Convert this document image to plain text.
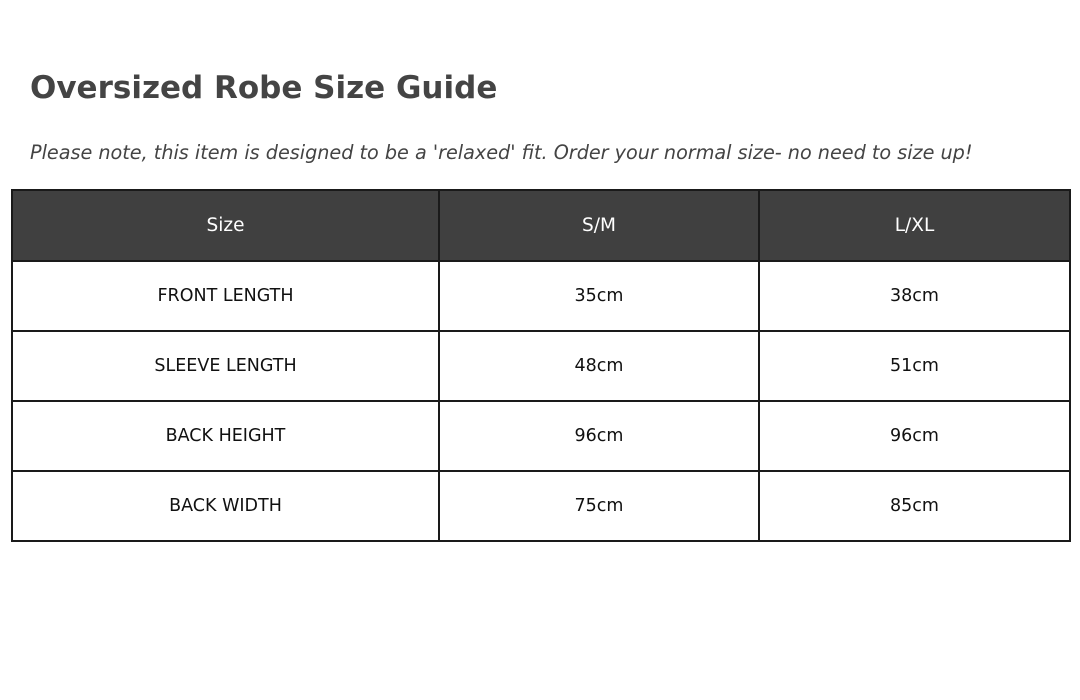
Oversized Robe Size Guide

Please note, this item is designed to be a 'relaxed' fit. Order your normal size- no need to size up!

Size	S/M	L/XL
FRONT LENGTH	35cm	38cm
SLEEVE LENGTH	48cm	51cm
BACK HEIGHT	96cm	96cm
BACK WIDTH	75cm	85cm
